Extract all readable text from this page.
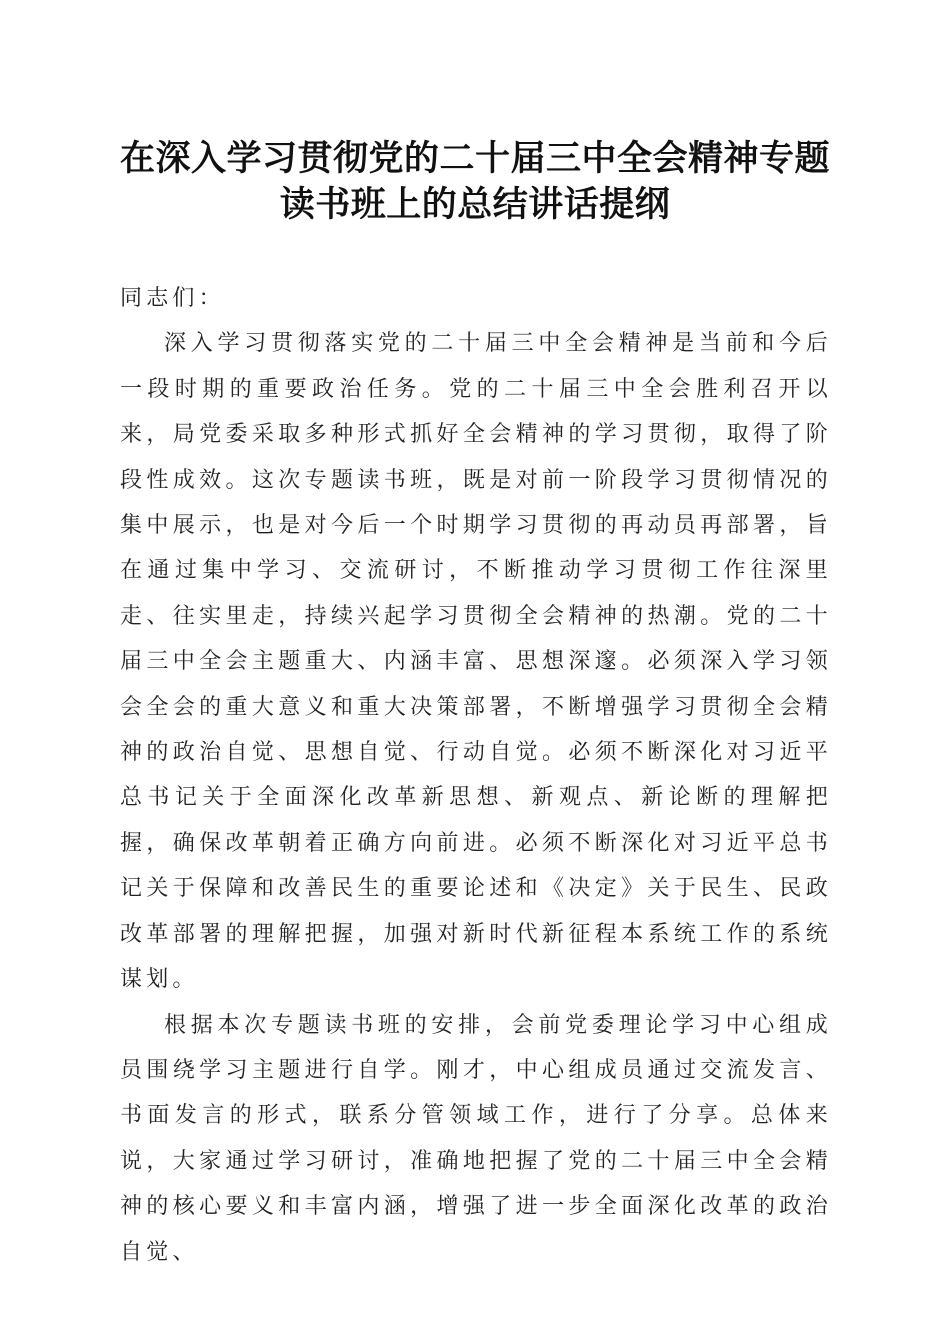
在深入学习贯彻党的二十届三中全会精神专题
读书班上的总结讲话提纲

同志们：

深入学习贯彻落实党的二十届三中全会精神是当前和今后一段时期的重要政治任务。党的二十届三中全会胜利召开以来，局党委采取多种形式抓好全会精神的学习贯彻，取得了阶段性成效。这次专题读书班，既是对前一阶段学习贯彻情况的集中展示，也是对今后一个时期学习贯彻的再动员再部署，旨在通过集中学习、交流研讨，不断推动学习贯彻工作往深里走、往实里走，持续兴起学习贯彻全会精神的热潮。党的二十届三中全会主题重大、内涵丰富、思想深邃。必须深入学习领会全会的重大意义和重大决策部署，不断增强学习贯彻全会精神的政治自觉、思想自觉、行动自觉。必须不断深化对习近平总书记关于全面深化改革新思想、新观点、新论断的理解把握，确保改革朝着正确方向前进。必须不断深化对习近平总书记关于保障和改善民生的重要论述和《决定》关于民生、民政改革部署的理解把握，加强对新时代新征程本系统工作的系统谋划。

根据本次专题读书班的安排，会前党委理论学习中心组成员围绕学习主题进行自学。刚才，中心组成员通过交流发言、书面发言的形式，联系分管领域工作，进行了分享。总体来说，大家通过学习研讨，准确地把握了党的二十届三中全会精神的核心要义和丰富内涵，增强了进一步全面深化改革的政治自觉、
